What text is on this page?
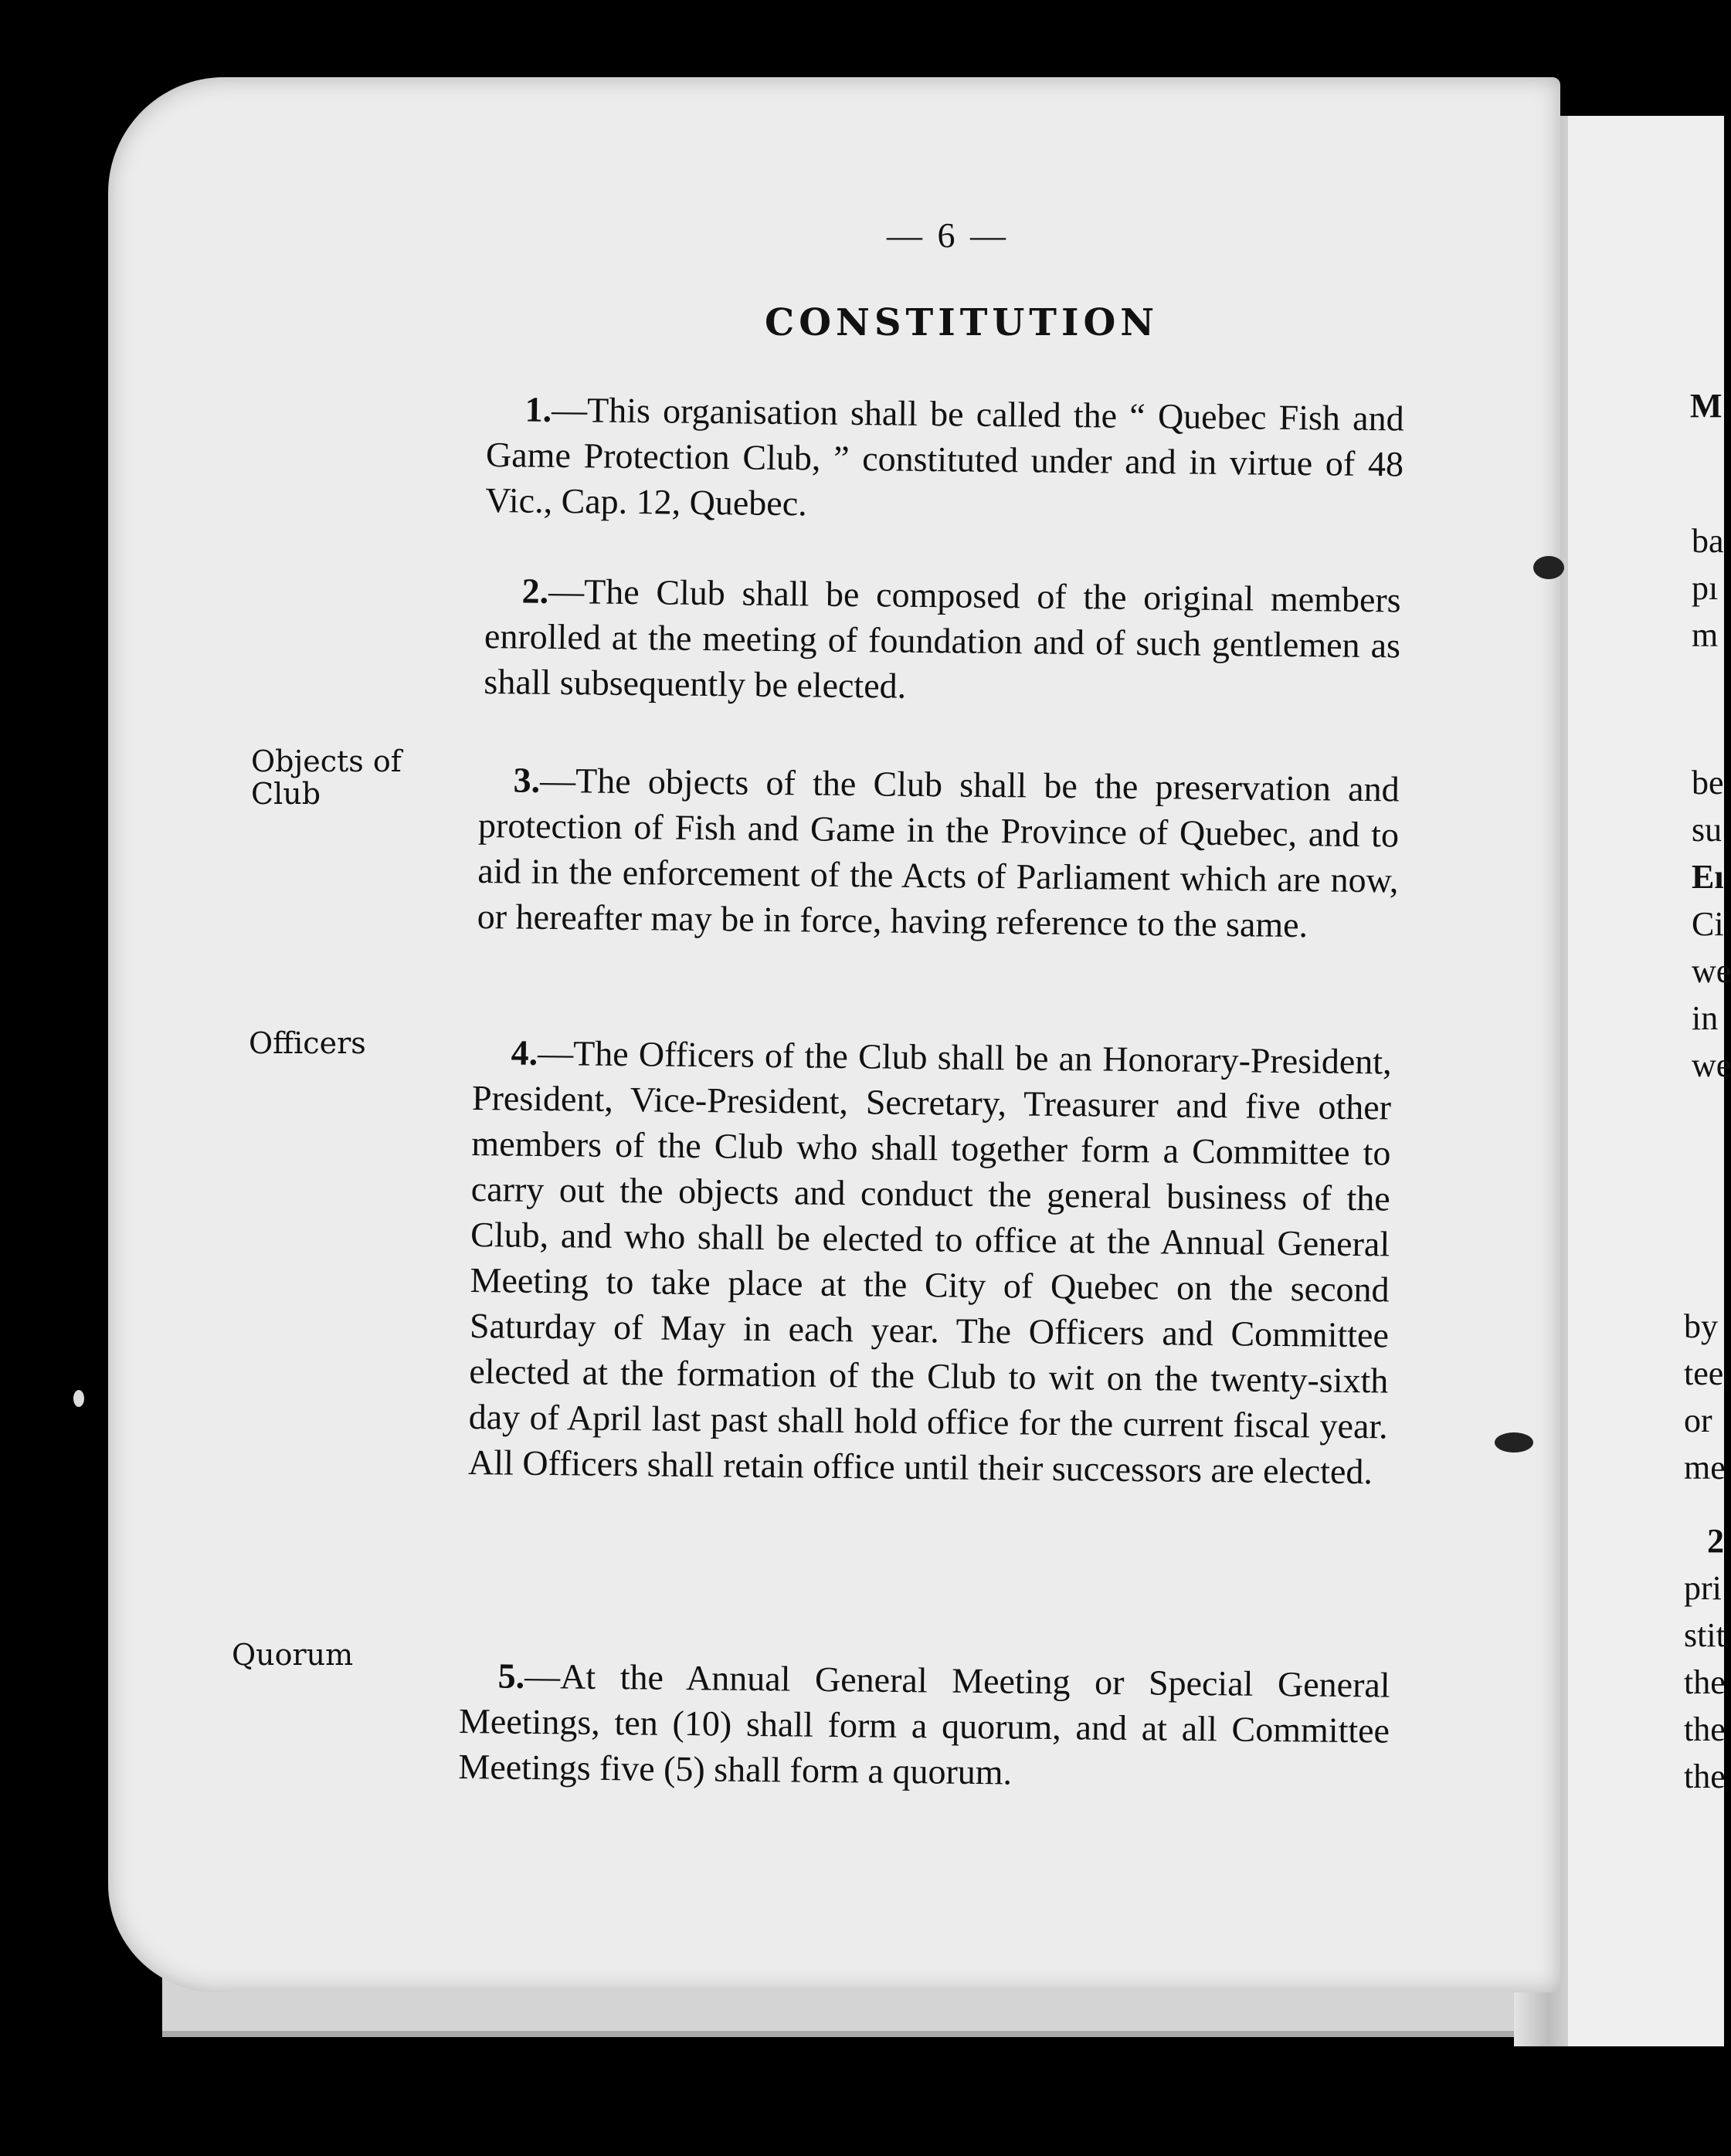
M
ba
pı
m
be
su
Eı
Ci
we
in
we
by
tee
or
me
2
pri
stit
the
the
the
— 6 —
CONSTITUTION
1.—This organisation shall be called the “ Quebec Fish and Game Protection Club, ” constituted under and in virtue of 48 Vic., Cap. 12, Quebec.
2.—The Club shall be composed of the original members enrolled at the meeting of foundation and of such gentlemen as shall subsequently be elected.
Objects of Club	3.—The objects of the Club shall be the preservation and protection of Fish and Game in the Province of Quebec, and to aid in the enforcement of the Acts of Parliament which are now, or hereafter may be in force, having reference to the same.
Officers	4.—The Officers of the Club shall be an Honorary-President, President, Vice-President, Secretary, Treasurer and five other members of the Club who shall together form a Committee to carry out the objects and conduct the general business of the Club, and who shall be elected to office at the Annual General Meeting to take place at the City of Quebec on the second Saturday of May in each year. The Officers and Committee elected at the formation of the Club to wit on the twenty-sixth day of April last past shall hold office for the current fiscal year. All Officers shall retain office until their successors are elected.
Quorum
5.—At the Annual General Meeting or Special General Meetings, ten (10) shall form a quorum, and at all Committee Meetings five (5) shall form a quorum.
